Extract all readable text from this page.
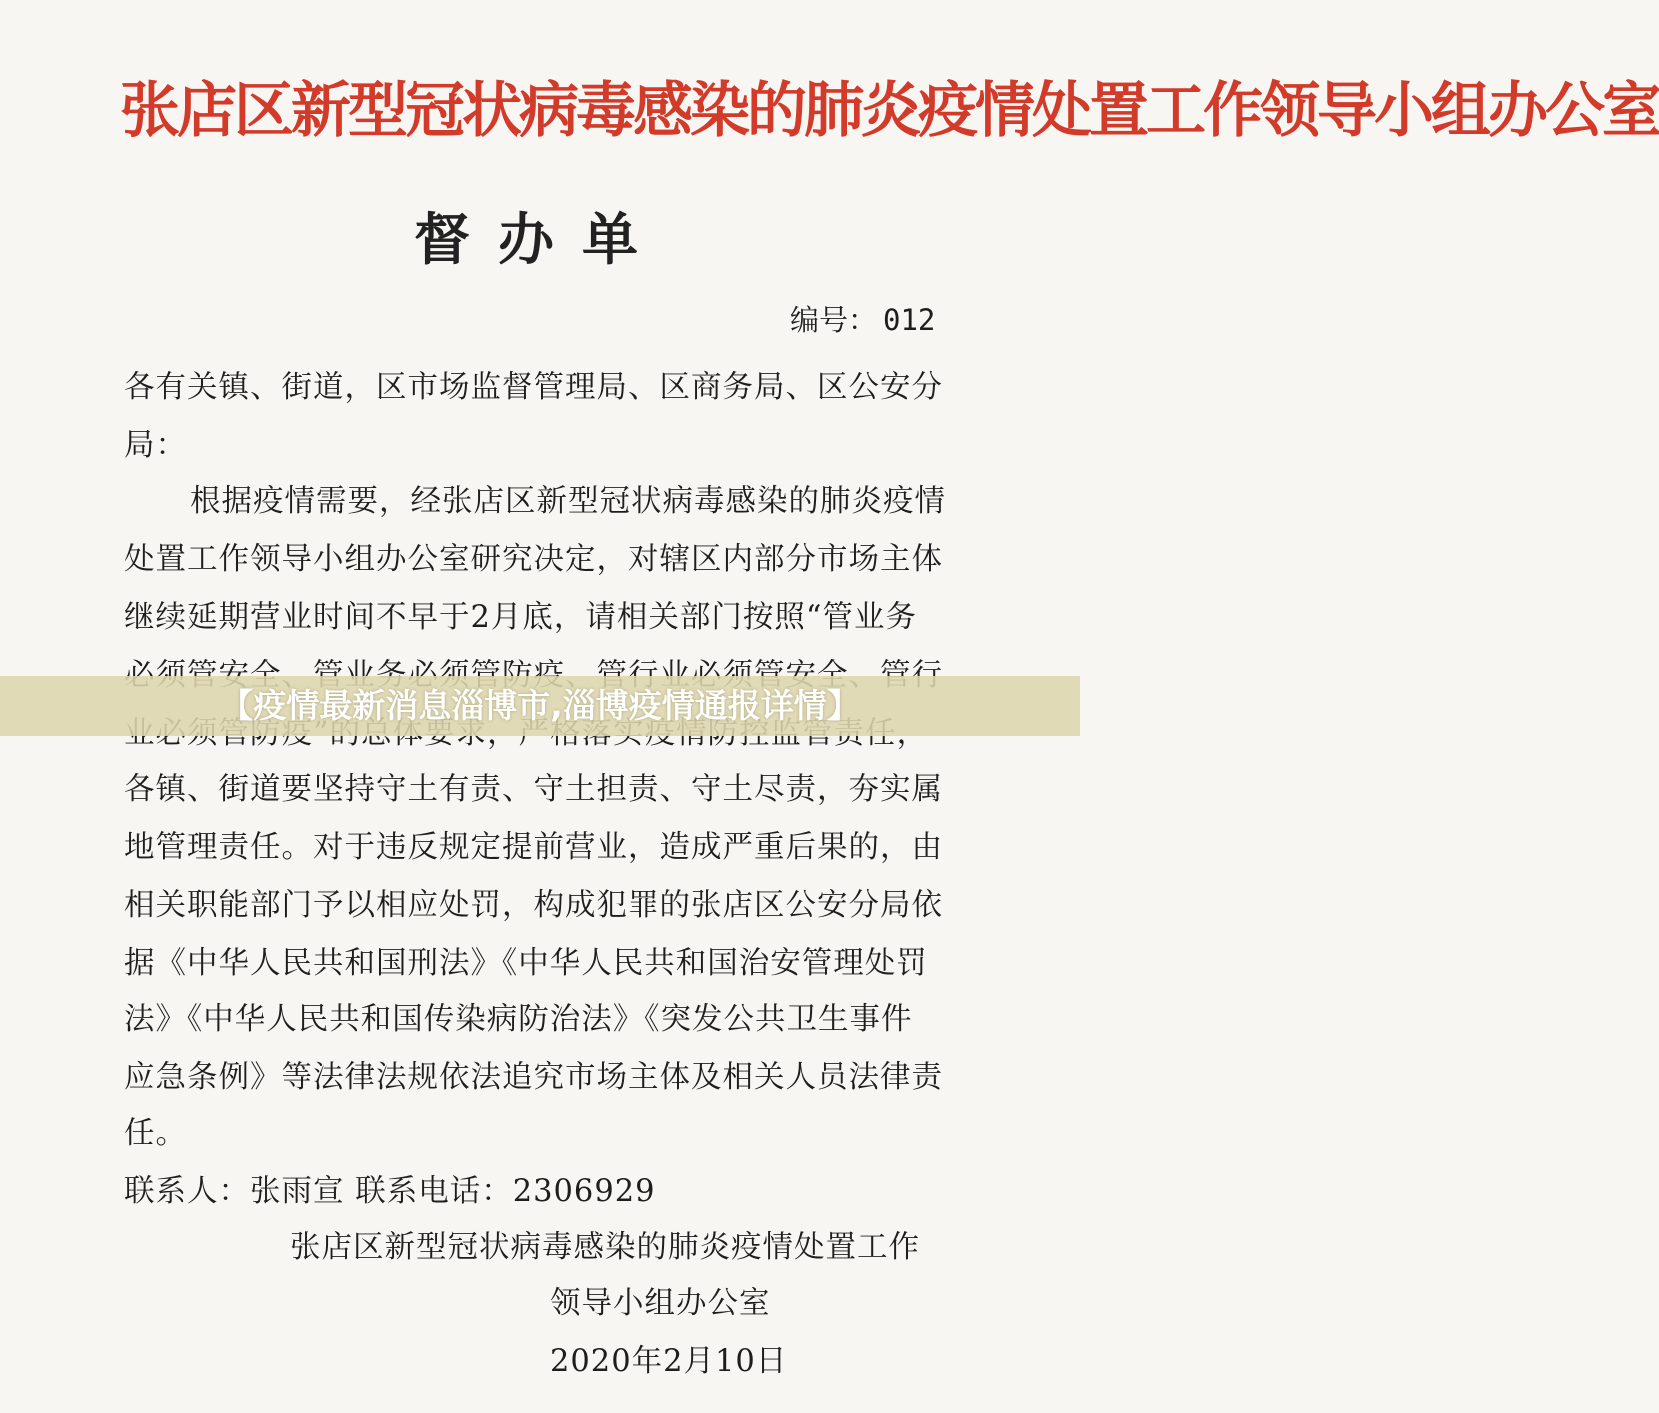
张店区新型冠状病毒感染的肺炎疫情处置工作领导小组办公室
督办单
编号： 012
各有关镇、街道，区市场监督管理局、区商务局、区公安分
局：
根据疫情需要，经张店区新型冠状病毒感染的肺炎疫情
处置工作领导小组办公室研究决定，对辖区内部分市场主体
继续延期营业时间不早于2月底，请相关部门按照“管业务
各镇、街道要坚持守土有责、守土担责、守土尽责，夯实属
地管理责任。对于违反规定提前营业，造成严重后果的，由
相关职能部门予以相应处罚，构成犯罪的张店区公安分局依
据《中华人民共和国刑法》《中华人民共和国治安管理处罚
法》《中华人民共和国传染病防治法》《突发公共卫生事件
应急条例》等法律法规依法追究市场主体及相关人员法律责
任。
联系人：张雨宣 联系电话：2306929
张店区新型冠状病毒感染的肺炎疫情处置工作
领导小组办公室
2020年2月10日
【疫情最新消息淄博市,淄博疫情通报详情】
